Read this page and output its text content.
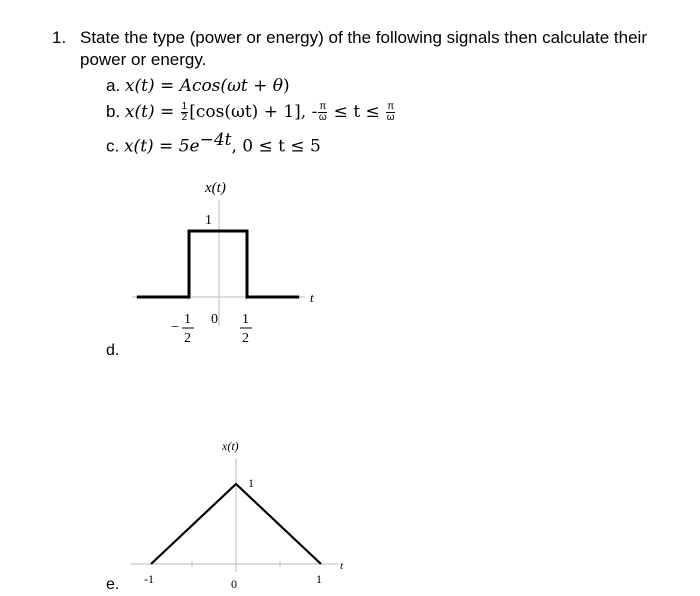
1. State the type (power or energy) of the following signals then calculate their
power or energy.
a. x(t) = Acos(ωt + θ)
b. $x(t) = \frac{1}{2} [\cos(\omega t) + 1]$, - $\frac{\pi}{\omega} \le t \le \frac{\pi}{\omega}$
c. $x(t) = 5e^{-4t}$, 0 ≤ t ≤ 5
d.
e.
x(t)
1
t
−
1
2
0 1
2
x(t)
1
t
-1	0	1
